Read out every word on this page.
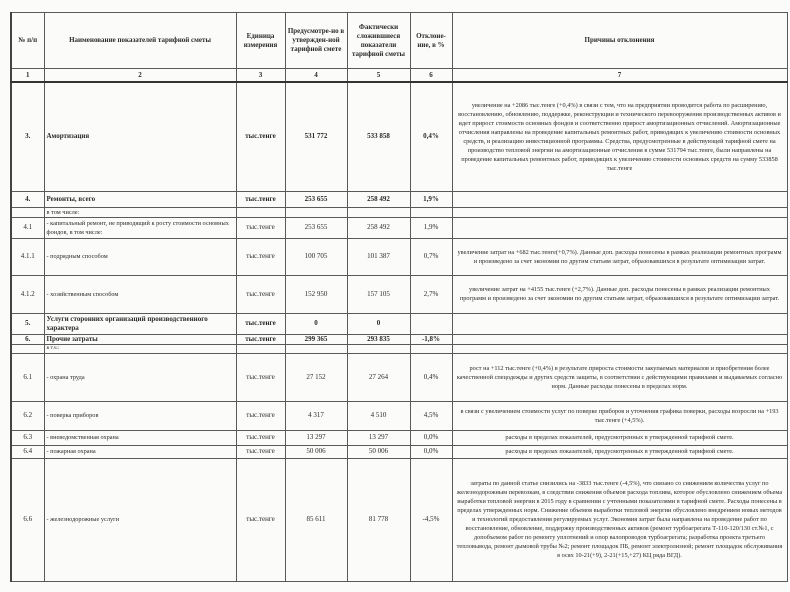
№ п/п	Наименование показателей тарифной сметы	Единица измерения	Предусмотре-но в утвержден-ной тарифной смете	Фактически сложившиеся показатели тарифной сметы	Отклоне-ние, в %	Причины отклонения
1	2	3	4	5	6	7
3.	Амортизация	тыс.тенге	531 772	533 858	0,4%	увеличение на +2086 тыс.тенге (+0,4%) в связи с тем, что на предприятии проводится работа по расширению, восстановлению, обновлению, поддержке, реконструкции и технического перевооружения производственных активов и идет прирост стоимости основных фондов и соответственно прирост амортизационных отчислений. Амортизационные отчисления направлены на проведение капитальных ремонтных работ, приводящих к увеличению стоимости основных средств, и реализацию инвестиционной программы. Средства, предусмотренные в действующей тарифной смете на производство тепловой энергии на амортизационные отчисления в сумме 531794 тыс.тенге, были направлены на проведение капитальных ремонтных работ, приводящих к увеличению стоимости основных средств на сумму 533858 тыс.тенге
4.	Ремонты, всего	тыс.тенге	253 655	258 492	1,9%	
	в том числе:					
4.1	- капитальный ремонт, не приводящий к росту стоимости основных фондов, в том числе:	тыс.тенге	253 655	258 492	1,9%	
4.1.1	- подрядным способом	тыс.тенге	100 705	101 387	0,7%	увеличение затрат на +682 тыс.тенге(+0,7%). Данные доп. расходы понесены в рамках реализации ремонтных программ и произведено за счет экономии по другим статьям затрат, образовавшихся в результате оптимизации затрат.
4.1.2	- хозяйственным способом	тыс.тенге	152 950	157 105	2,7%	увеличение затрат на +4155 тыс.тенге (+2,7%). Данные доп. расходы понесены в рамках реализации ремонтных программ и произведено за счет экономии по другим статьям затрат, образовавшихся в результате оптимизации затрат.
5.	Услуги сторонних организаций производственного характера	тыс.тенге	0	0		
6.	Прочие затраты	тыс.тенге	299 365	293 835	-1,8%	
	в т.ч.:					
6.1	- охрана труда	тыс.тенге	27 152	27 264	0,4%	рост на +112 тыс.тенге (+0,4%) в результате прироста стоимости закупаемых материалов и приобретения более качественной спецодежды и других средств защиты, в соответствии с действующими правилами и выдаваемых согласно норм. Данные расходы понесены в пределах норм.
6.2	- поверка приборов	тыс.тенге	4 317	4 510	4,5%	в связи с увеличением стоимости услуг по поверке приборов и уточнения графика поверки, расходы возросли на +193 тыс.тенге (+4,5%).
6.3	- вневедомственная охрана	тыс.тенге	13 297	13 297	0,0%	расходы в пределах показателей, предусмотренных в утвержденной тарифной смете.
6.4	- пожарная охрана	тыс.тенге	50 006	50 006	0,0%	расходы в пределах показателей, предусмотренных в утвержденной тарифной смете.
6.6	- железнодорожные услуги	тыс.тенге	85 611	81 778	-4,5%	затраты по данной статье снизились на -3833 тыс.тенге (-4,5%), что связано со снижением количества услуг по железнодорожным перевозкам, в следствии снижения объемов расхода топлива, которое обусловлено снижением объема выработки тепловой энергии в 2015 году в сравнении с учтенными показателями в тарифной смете. Расходы понесены в пределах утвержденных норм. Снижение объемов выработки тепловой энергии обусловлено внедрением новых методов и технологий предоставления регулируемых услуг. Экономия затрат была направлена на проведение работ по восстановление, обновление, поддержку производственных активов (ремонт турбоагрегата Т-110-120/130 ст.№1, с допобъемом работ по ремонту уплотнений и опор валопроводов турбоагрегата; разработка проекта третьего тепловывода, ремонт дымовой трубы №2; ремонт площадок ПБ, ремонт электролизной; ремонт площадок обслуживания в осях 10-21(+9), 2-21(+15,+27) КЦ ряда ВГД).
